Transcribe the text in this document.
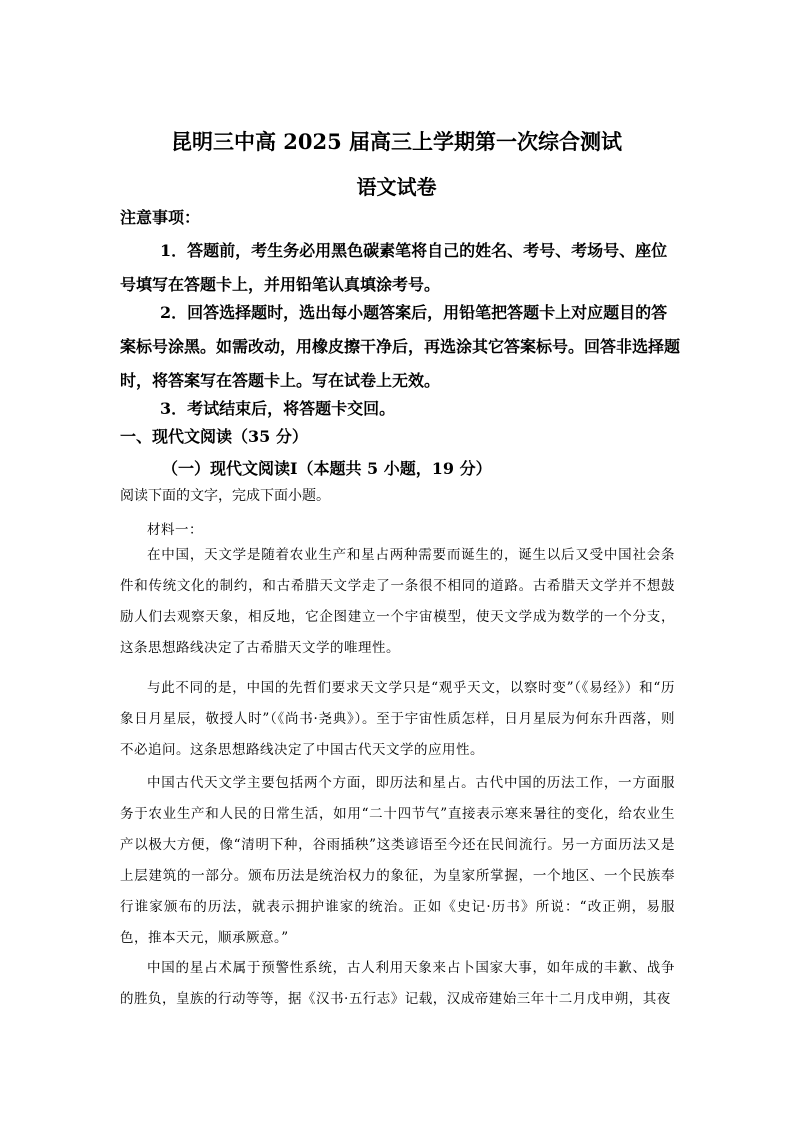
昆明三中高 2025 届高三上学期第一次综合测试
语文试卷
注意事项：
1．答题前，考生务必用黑色碳素笔将自己的姓名、考号、考场号、座位号填写在答题卡上，并用铅笔认真填涂考号。
2．回答选择题时，选出每小题答案后，用铅笔把答题卡上对应题目的答案标号涂黑。如需改动，用橡皮擦干净后，再选涂其它答案标号。回答非选择题时，将答案写在答题卡上。写在试卷上无效。
3．考试结束后，将答题卡交回。
一、现代文阅读（35 分）
（一）现代文阅读Ⅰ（本题共 5 小题，19 分）
阅读下面的文字，完成下面小题。
材料一：
在中国，天文学是随着农业生产和星占两种需要而诞生的，诞生以后又受中国社会条件和传统文化的制约，和古希腊天文学走了一条很不相同的道路。古希腊天文学并不想鼓励人们去观察天象，相反地，它企图建立一个宇宙模型，使天文学成为数学的一个分支，这条思想路线决定了古希腊天文学的唯理性。
与此不同的是，中国的先哲们要求天文学只是“观乎天文，以察时变”（《易经》）和“历象日月星辰，敬授人时”（《尚书·尧典》）。至于宇宙性质怎样，日月星辰为何东升西落，则不必追问。这条思想路线决定了中国古代天文学的应用性。
中国古代天文学主要包括两个方面，即历法和星占。古代中国的历法工作，一方面服务于农业生产和人民的日常生活，如用“二十四节气”直接表示寒来暑往的变化，给农业生产以极大方便，像“清明下种，谷雨插秧”这类谚语至今还在民间流行。另一方面历法又是上层建筑的一部分。颁布历法是统治权力的象征，为皇家所掌握，一个地区、一个民族奉行谁家颁布的历法，就表示拥护谁家的统治。正如《史记·历书》所说：“改正朔，易服色，推本天元，顺承厥意。”
中国的星占术属于预警性系统，古人利用天象来占卜国家大事，如年成的丰歉、战争的胜负，皇族的行动等等，据《汉书·五行志》记载，汉成帝建始三年十二月戊申朔，其夜
